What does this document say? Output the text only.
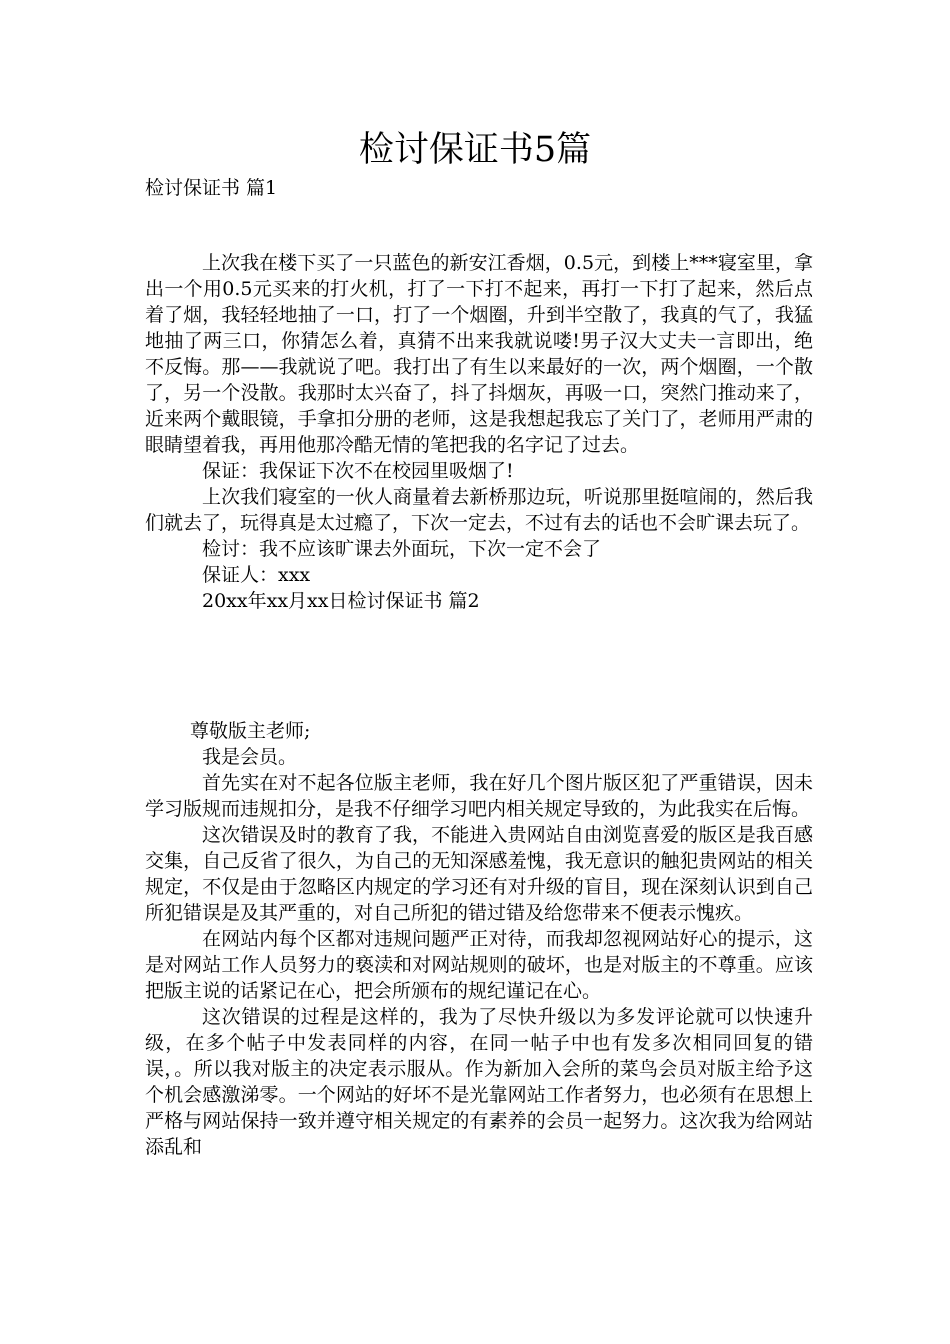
检讨保证书5篇
检讨保证书 篇1

上次我在楼下买了一只蓝色的新安江香烟，0.5元，到楼上***寝室里，拿出一个用0.5元买来的打火机，打了一下打不起来，再打一下打了起来，然后点着了烟，我轻轻地抽了一口，打了一个烟圈，升到半空散了，我真的气了，我猛地抽了两三口，你猜怎么着，真猜不出来我就说喽!男子汉大丈夫一言即出，绝不反悔。那——我就说了吧。我打出了有生以来最好的一次，两个烟圈，一个散了，另一个没散。我那时太兴奋了，抖了抖烟灰，再吸一口，突然门推动来了，近来两个戴眼镜，手拿扣分册的老师，这是我想起我忘了关门了，老师用严肃的眼睛望着我，再用他那冷酷无情的笔把我的名字记了过去。

保证：我保证下次不在校园里吸烟了!

上次我们寝室的一伙人商量着去新桥那边玩，听说那里挺喧闹的，然后我们就去了，玩得真是太过瘾了，下次一定去，不过有去的话也不会旷课去玩了。

检讨：我不应该旷课去外面玩，下次一定不会了

保证人：xxx

20xx年xx月xx日检讨保证书 篇2

尊敬版主老师;

我是会员。

首先实在对不起各位版主老师，我在好几个图片版区犯了严重错误，因未学习版规而违规扣分，是我不仔细学习吧内相关规定导致的，为此我实在后悔。

这次错误及时的教育了我，不能进入贵网站自由浏览喜爱的版区是我百感交集，自己反省了很久，为自己的无知深感羞愧，我无意识的触犯贵网站的相关规定，不仅是由于忽略区内规定的学习还有对升级的盲目，现在深刻认识到自己所犯错误是及其严重的，对自己所犯的错过错及给您带来不便表示愧疚。

在网站内每个区都对违规问题严正对待，而我却忽视网站好心的提示，这是对网站工作人员努力的亵渎和对网站规则的破坏，也是对版主的不尊重。应该把版主说的话紧记在心，把会所颁布的规纪谨记在心。

这次错误的过程是这样的，我为了尽快升级以为多发评论就可以快速升级，在多个帖子中发表同样的内容，在同一帖子中也有发多次相同回复的错误，。所以我对版主的决定表示服从。作为新加入会所的菜鸟会员对版主给予这个机会感激涕零。一个网站的好坏不是光靠网站工作者努力，也必须有在思想上严格与网站保持一致并遵守相关规定的有素养的会员一起努力。这次我为给网站添乱和
